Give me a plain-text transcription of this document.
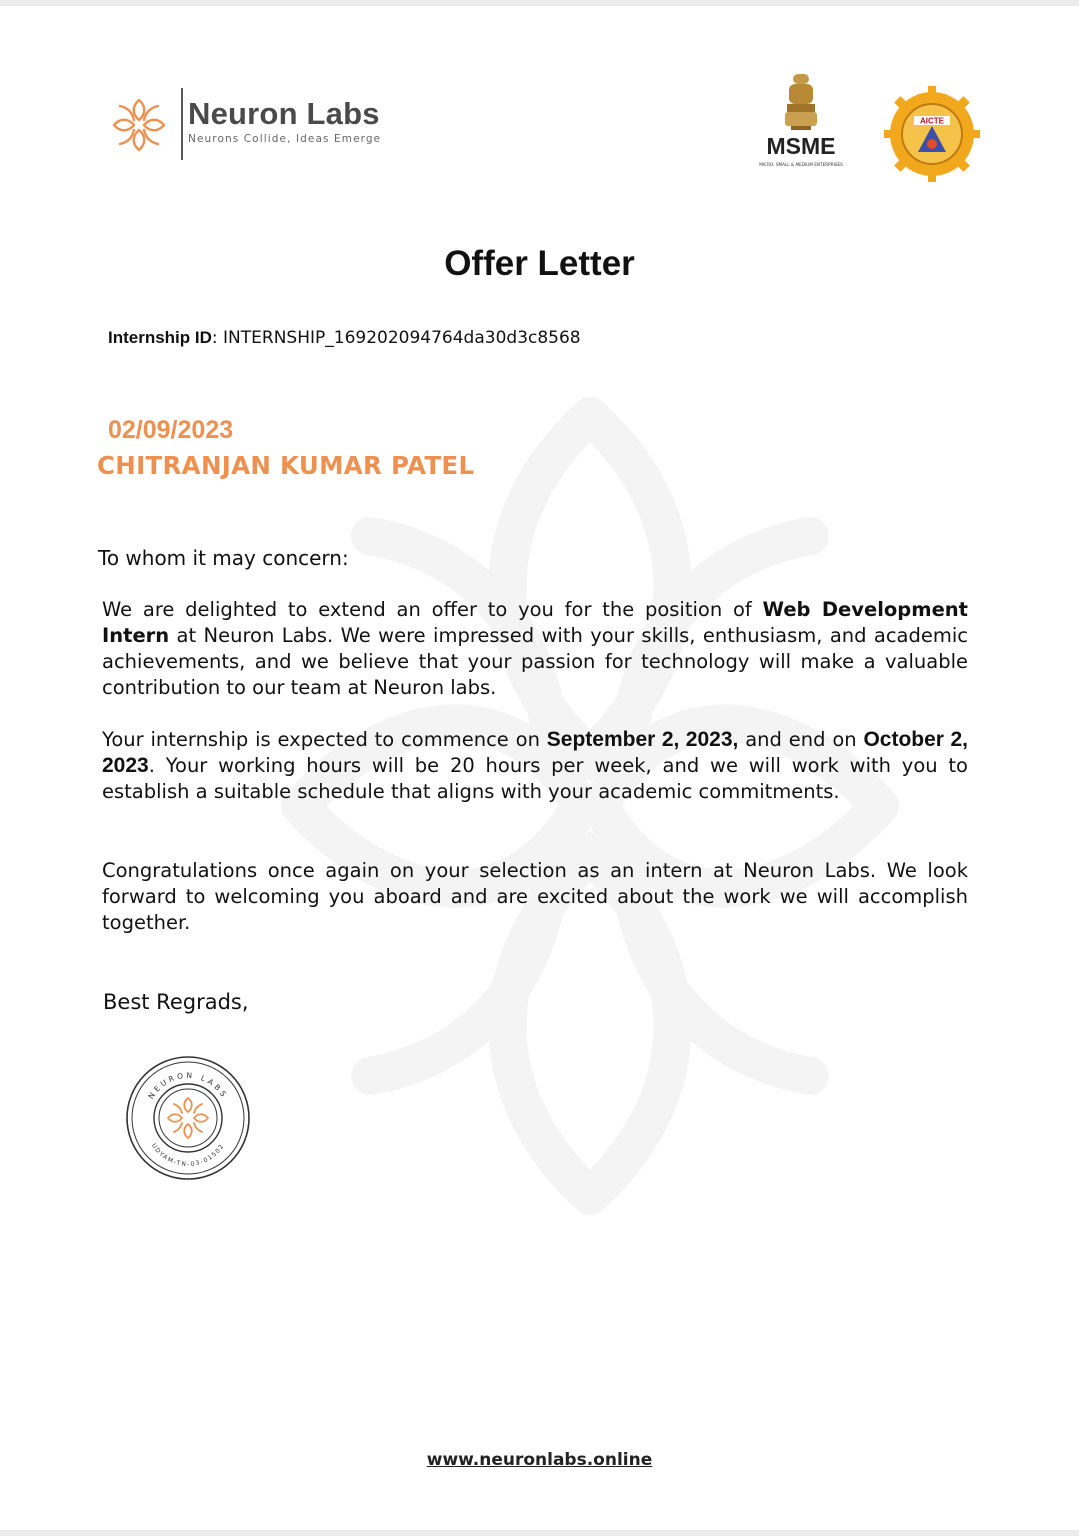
Neuron Labs
Neurons Collide, Ideas Emerge	MSME
MICRO, SMALL & MEDIUM ENTERPRISES
AICTE
Offer Letter
Internship ID: INTERNSHIP_169202094764da30d3c8568
02/09/2023
CHITRANJAN KUMAR PATEL
To whom it may concern:
We are delighted to extend an offer to you for the position of Web Development Intern at Neuron Labs. We were impressed with your skills, enthusiasm, and academic achievements, and we believe that your passion for technology will make a valuable contribution to our team at Neuron labs.
Your internship is expected to commence on September 2, 2023, and end on October 2, 2023. Your working hours will be 20 hours per week, and we will work with you to establish a suitable schedule that aligns with your academic commitments.
Congratulations once again on your selection as an intern at Neuron Labs. We look forward to welcoming you aboard and are excited about the work we will accomplish together.
Best Regrads,
NEURON LABS
UDYAM-TN-03-01502
www.neuronlabs.online
